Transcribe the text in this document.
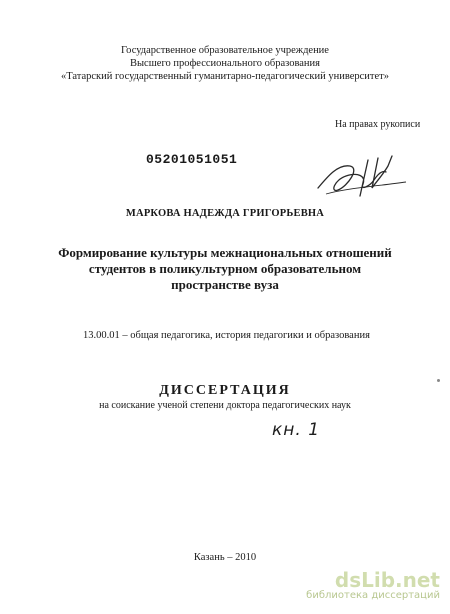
Государственное образовательное учреждение
Высшего профессионального образования
«Татарский государственный гуманитарно-педагогический университет»
На правах рукописи
05201051051
МАРКОВА НАДЕЖДА ГРИГОРЬЕВНА
Формирование культуры межнациональных отношений
студентов в поликультурном образовательном
пространстве вуза
13.00.01 – общая педагогика, история педагогики и образования
ДИССЕРТАЦИЯ
на соискание ученой степени доктора педагогических наук
кн. 1
Казань – 2010
dsLib.net
библиотека диссертаций
